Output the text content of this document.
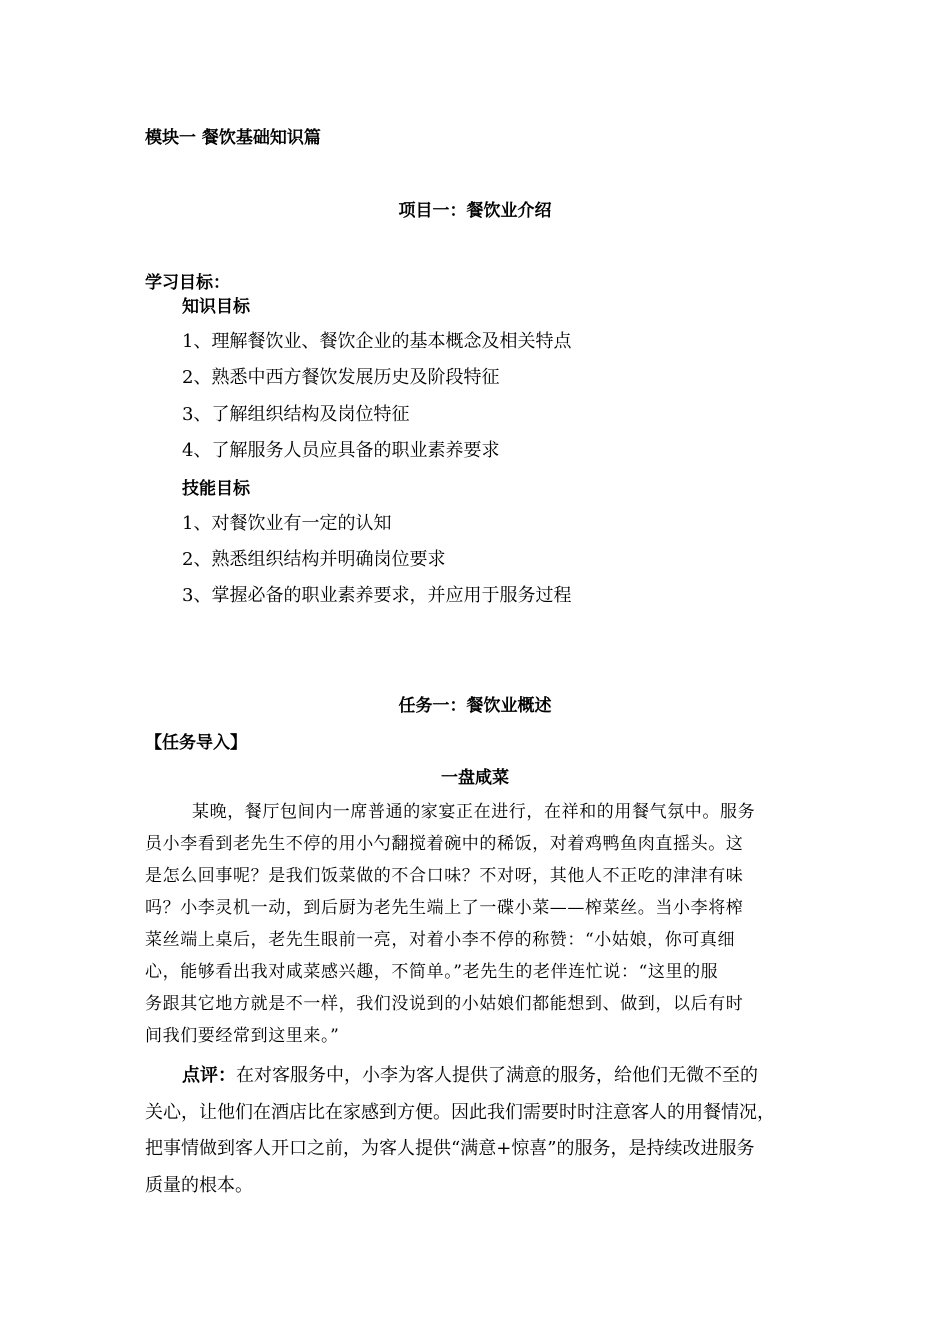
模块一 餐饮基础知识篇
项目一：餐饮业介绍
学习目标：
知识目标
1、理解餐饮业、餐饮企业的基本概念及相关特点
2、熟悉中西方餐饮发展历史及阶段特征
3、了解组织结构及岗位特征
4、了解服务人员应具备的职业素养要求
技能目标
1、对餐饮业有一定的认知
2、熟悉组织结构并明确岗位要求
3、掌握必备的职业素养要求，并应用于服务过程
任务一：餐饮业概述
【任务导入】
一盘咸菜
某晚，餐厅包间内一席普通的家宴正在进行，在祥和的用餐气氛中。服务
员小李看到老先生不停的用小勺翻搅着碗中的稀饭，对着鸡鸭鱼肉直摇头。这
是怎么回事呢？是我们饭菜做的不合口味？不对呀，其他人不正吃的津津有味
吗？小李灵机一动，到后厨为老先生端上了一碟小菜——榨菜丝。当小李将榨
菜丝端上桌后，老先生眼前一亮，对着小李不停的称赞：“小姑娘，你可真细
心，能够看出我对咸菜感兴趣，不简单。”老先生的老伴连忙说：“这里的服
务跟其它地方就是不一样，我们没说到的小姑娘们都能想到、做到，以后有时
间我们要经常到这里来。”
点评：在对客服务中，小李为客人提供了满意的服务，给他们无微不至的
关心，让他们在酒店比在家感到方便。因此我们需要时时注意客人的用餐情况，
把事情做到客人开口之前，为客人提供“满意+惊喜”的服务，是持续改进服务
质量的根本。
